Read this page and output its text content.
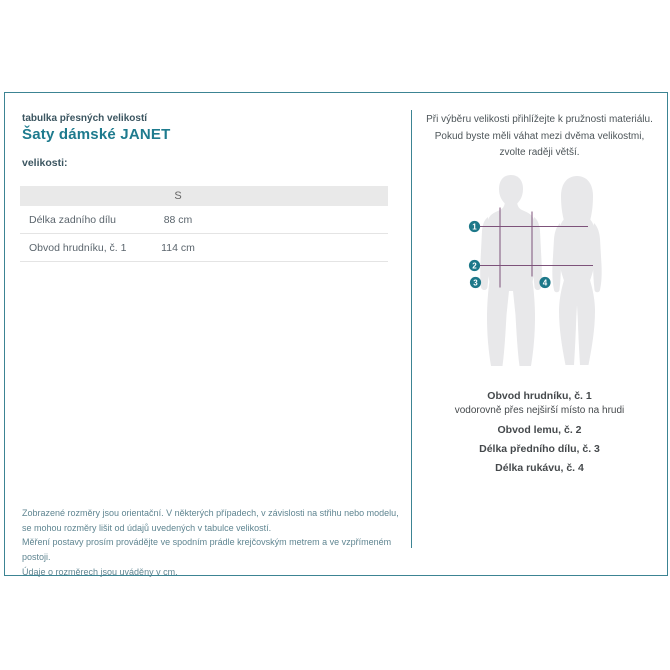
tabulka přesných velikostí
Šaty dámské JANET
velikosti:
S
Délka zadního dílu	88 cm
Obvod hrudníku, č. 1	114 cm
Zobrazené rozměry jsou orientační. V některých případech, v závislosti na střihu nebo modelu,
se mohou rozměry lišit od údajů uvedených v tabulce velikostí.
Měření postavy prosím provádějte ve spodním prádle krejčovským metrem a ve vzpřímeném postoji.
Údaje o rozměrech jsou uváděny v cm.
Při výběru velikosti přihlížejte k pružnosti materiálu.
Pokud byste měli váhat mezi dvěma velikostmi,
zvolte raději větší.
1
2
3	4
Obvod hrudníku, č. 1
vodorovně přes nejširší místo na hrudi
Obvod lemu, č. 2
Délka předního dílu, č. 3
Délka rukávu, č. 4
